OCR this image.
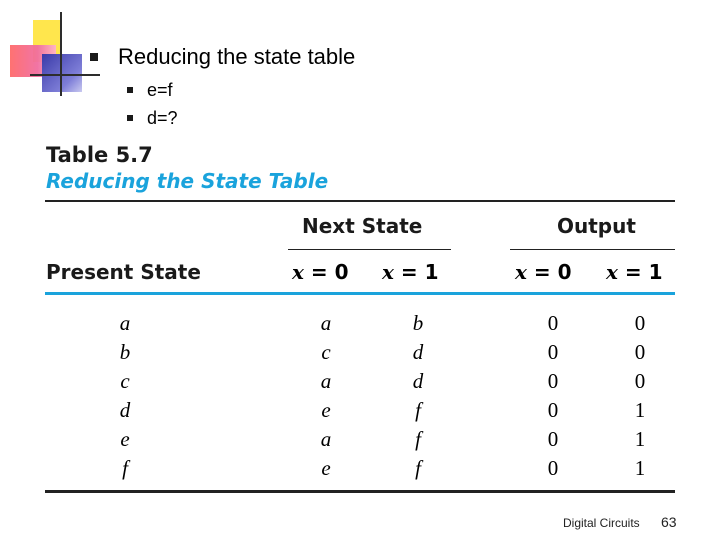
Reducing the state table
e=f
d=?
Table 5.7
Reducing the State Table
Next State	Output
Present State	x = 0 x = 1	x = 0 x = 1
a	a	b	0	0
b	c	d	0	0
c	a	d	0	0
d	e	f	0	1
e	a	f	0	1
f	e	f	0	1
Digital Circuits 63
